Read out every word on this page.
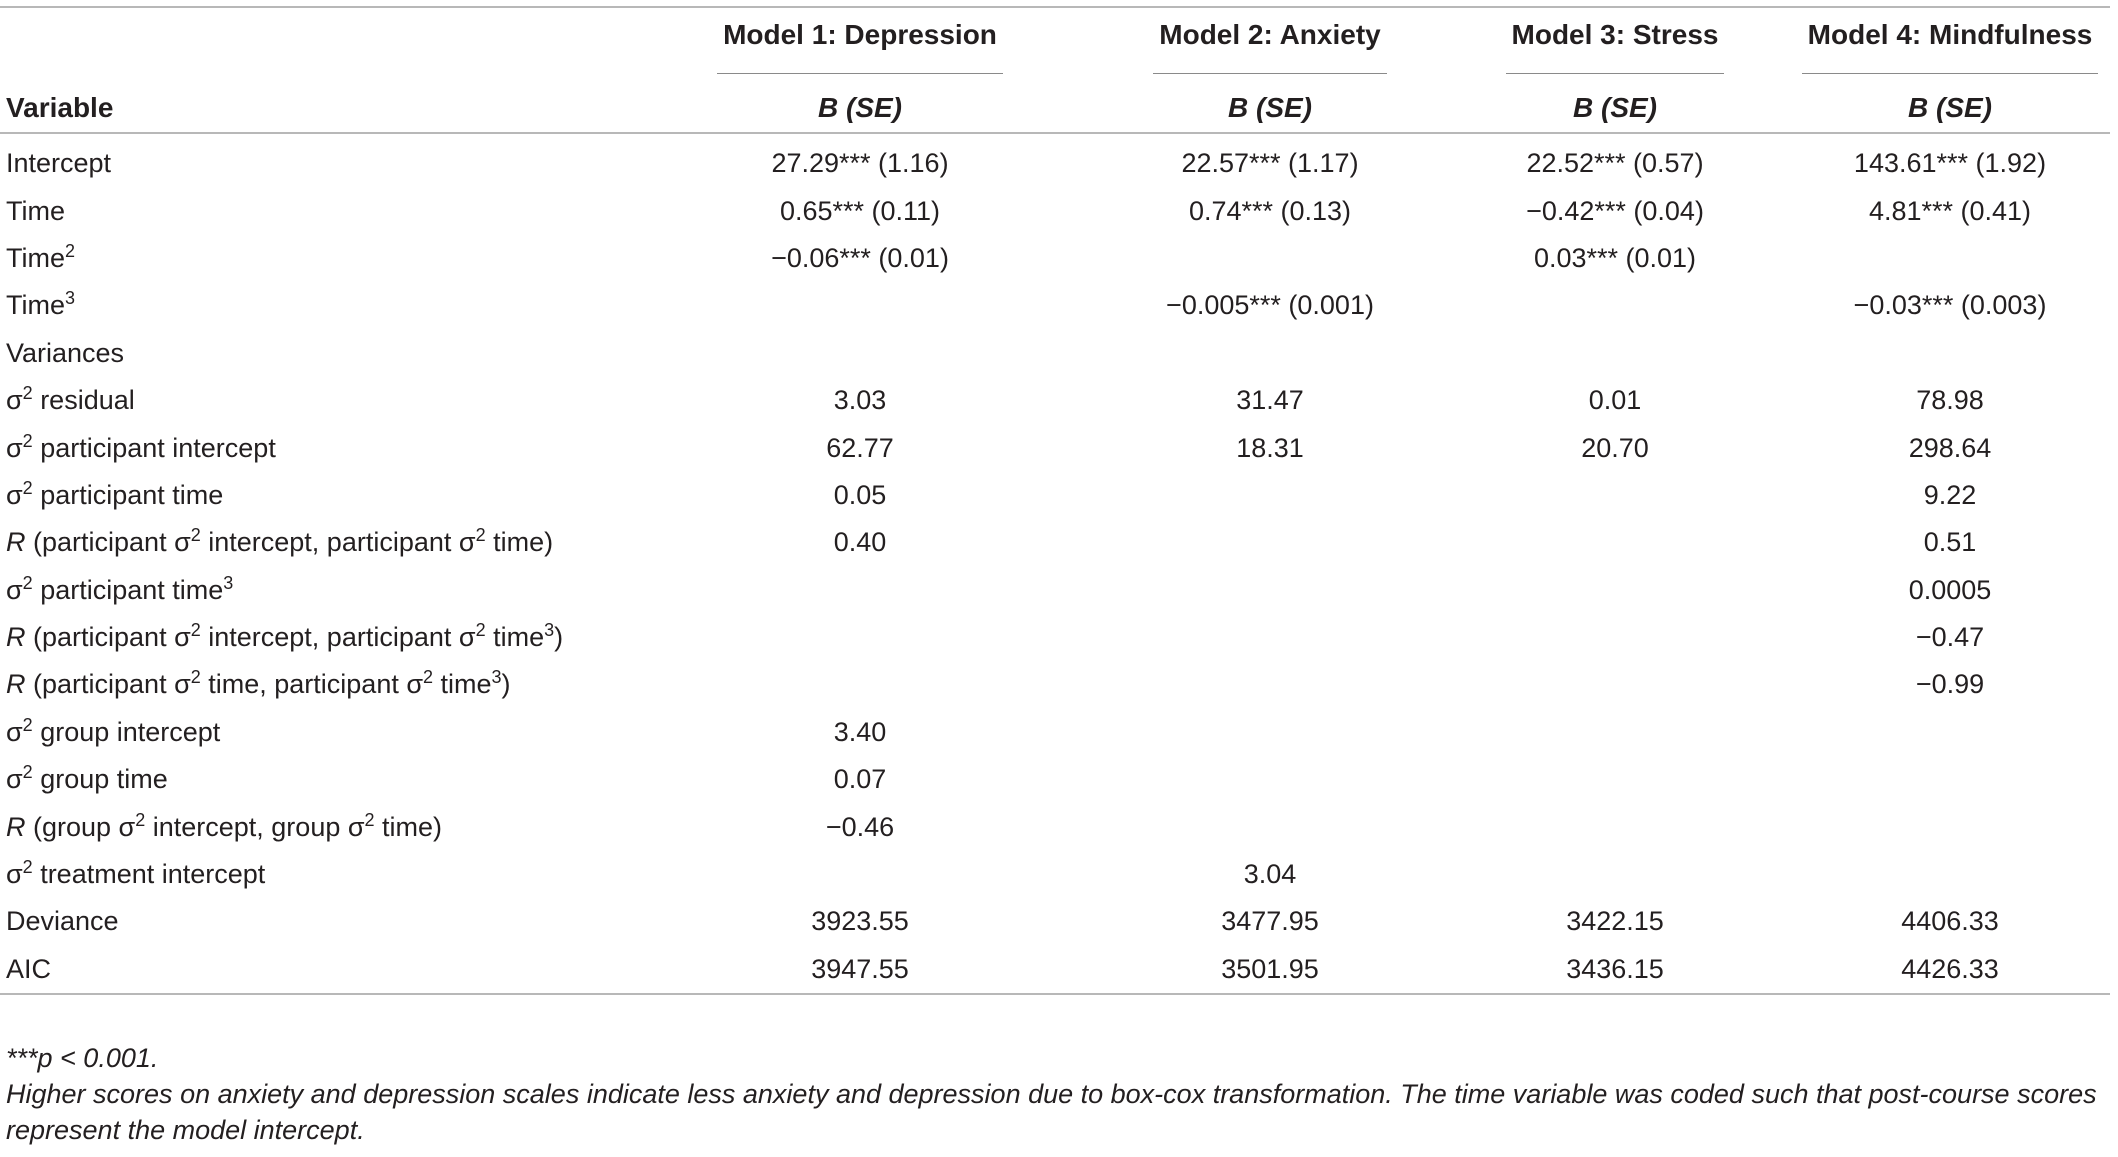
	Model 1: Depression	Model 2: Anxiety	Model 3: Stress	Model 4: Mindfulness
Variable	B (SE)	B (SE)	B (SE)	B (SE)
Intercept	27.29*** (1.16)	22.57*** (1.17)	22.52*** (0.57)	143.61*** (1.92)
Time	0.65*** (0.11)	0.74*** (0.13)	−0.42*** (0.04)	4.81*** (0.41)
Time$^2$	−0.06*** (0.01)		0.03*** (0.01)	
Time$^3$		−0.005*** (0.001)		−0.03*** (0.003)
Variances				
$\sigma^2$ residual	3.03	31.47	0.01	78.98
$\sigma^2$ participant intercept	62.77	18.31	20.70	298.64
$\sigma^2$ participant time	0.05			9.22
R (participant $\sigma^2$ intercept, participant $\sigma^2$ time)	0.40			0.51
$\sigma^2$ participant time$^3$				0.0005
R (participant $\sigma^2$ intercept, participant $\sigma^2$ time$^3$)				−0.47
R (participant $\sigma^2$ time, participant $\sigma^2$ time$^3$)				−0.99
$\sigma^2$ group intercept	3.40			
$\sigma^2$ group time	0.07			
R (group $\sigma^2$ intercept, group $\sigma^2$ time)	−0.46			
$\sigma^2$ treatment intercept		3.04		
Deviance	3923.55	3477.95	3422.15	4406.33
AIC	3947.55	3501.95	3436.15	4426.33

***p < 0.001.

Higher scores on anxiety and depression scales indicate less anxiety and depression due to box-cox transformation. The time variable was coded such that post-course scores represent the model intercept.
